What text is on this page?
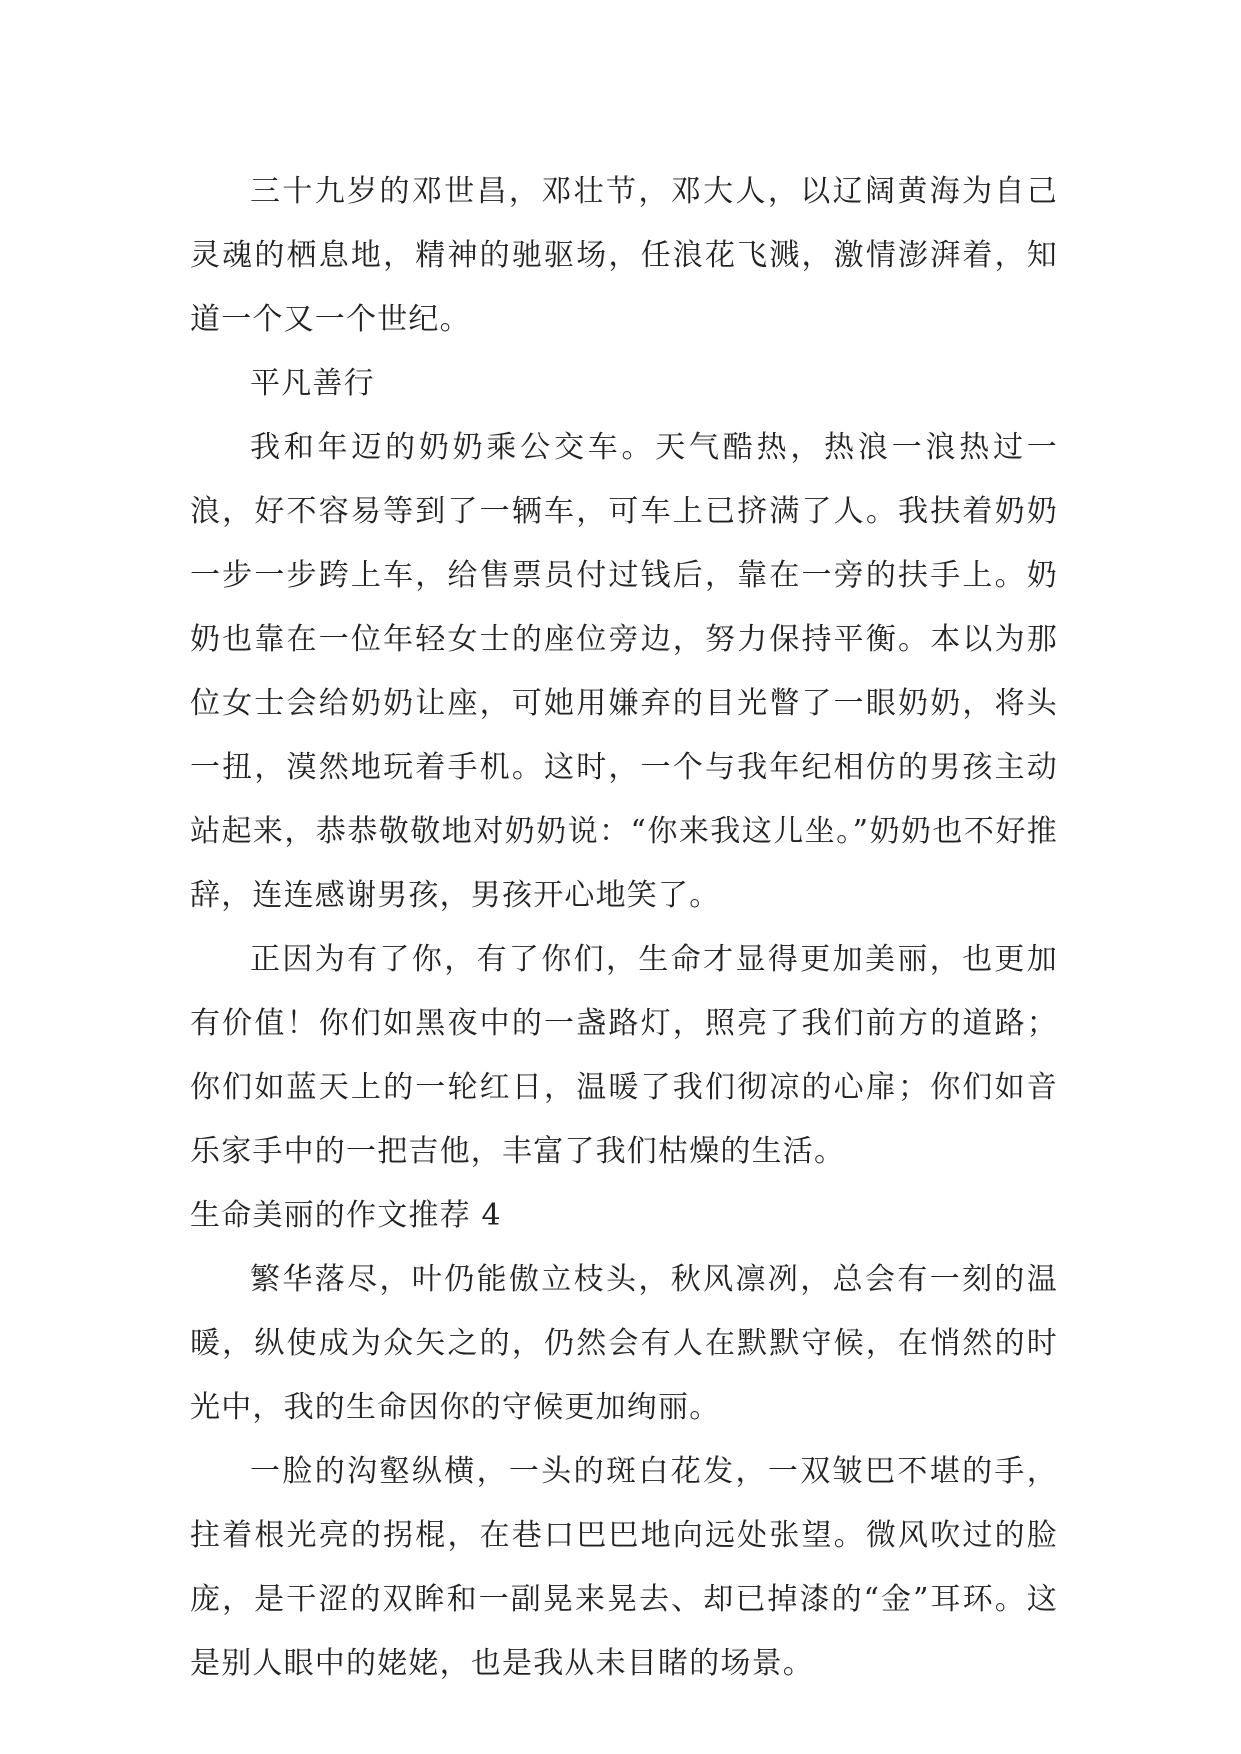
三十九岁的邓世昌，邓壮节，邓大人，以辽阔黄海为自己灵魂的栖息地，精神的驰驱场，任浪花飞溅，激情澎湃着，知道一个又一个世纪。

平凡善行

我和年迈的奶奶乘公交车。天气酷热，热浪一浪热过一浪，好不容易等到了一辆车，可车上已挤满了人。我扶着奶奶一步一步跨上车，给售票员付过钱后，靠在一旁的扶手上。奶奶也靠在一位年轻女士的座位旁边，努力保持平衡。本以为那位女士会给奶奶让座，可她用嫌弃的目光瞥了一眼奶奶，将头一扭，漠然地玩着手机。这时，一个与我年纪相仿的男孩主动站起来，恭恭敬敬地对奶奶说：“你来我这儿坐。”奶奶也不好推辞，连连感谢男孩，男孩开心地笑了。

正因为有了你，有了你们，生命才显得更加美丽，也更加有价值！你们如黑夜中的一盏路灯，照亮了我们前方的道路；你们如蓝天上的一轮红日，温暖了我们彻凉的心扉；你们如音乐家手中的一把吉他，丰富了我们枯燥的生活。

生命美丽的作文推荐 4

繁华落尽，叶仍能傲立枝头，秋风凛冽，总会有一刻的温暖，纵使成为众矢之的，仍然会有人在默默守候，在悄然的时光中，我的生命因你的守候更加绚丽。

一脸的沟壑纵横，一头的斑白花发，一双皱巴不堪的手，拄着根光亮的拐棍，在巷口巴巴地向远处张望。微风吹过的脸庞，是干涩的双眸和一副晃来晃去、却已掉漆的“金”耳环。这是别人眼中的姥姥，也是我从未目睹的场景。
